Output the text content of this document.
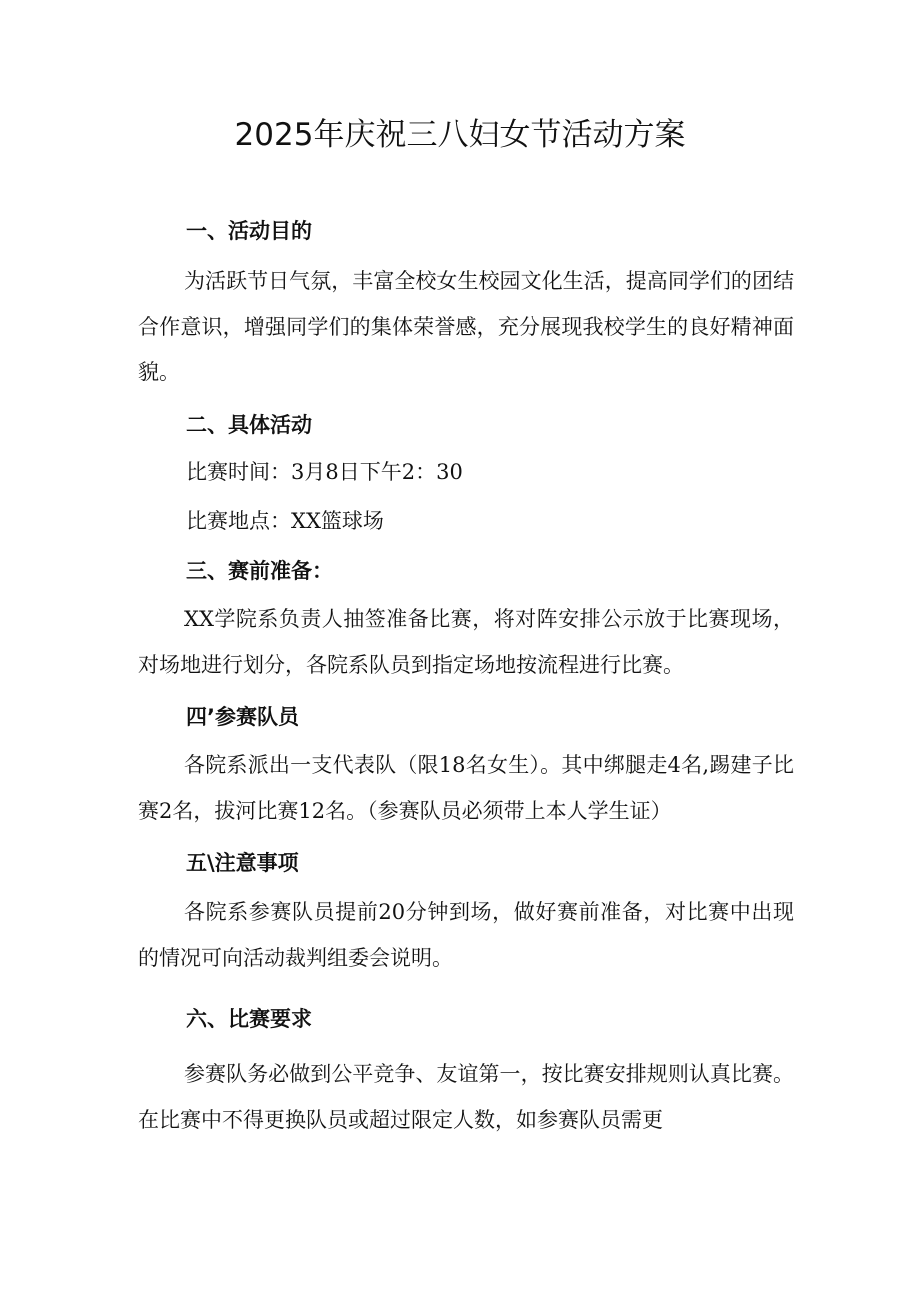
2025年庆祝三八妇女节活动方案
一、活动目的

为活跃节日气氛，丰富全校女生校园文化生活，提高同学们的团结合作意识，增强同学们的集体荣誉感，充分展现我校学生的良好精神面貌。

二、具体活动

比赛时间：3月8日下午2：30

比赛地点：XX篮球场

三、赛前准备：

XX学院系负责人抽签准备比赛，将对阵安排公示放于比赛现场，对场地进行划分，各院系队员到指定场地按流程进行比赛。

四’参赛队员

各院系派出一支代表队（限18名女生）。其中绑腿走4名,踢建子比赛2名，拔河比赛12名。（参赛队员必须带上本人学生证）

五\注意事项

各院系参赛队员提前20分钟到场，做好赛前准备，对比赛中出现的情况可向活动裁判组委会说明。

六、比赛要求

参赛队务必做到公平竞争、友谊第一，按比赛安排规则认真比赛。在比赛中不得更换队员或超过限定人数，如参赛队员需更
